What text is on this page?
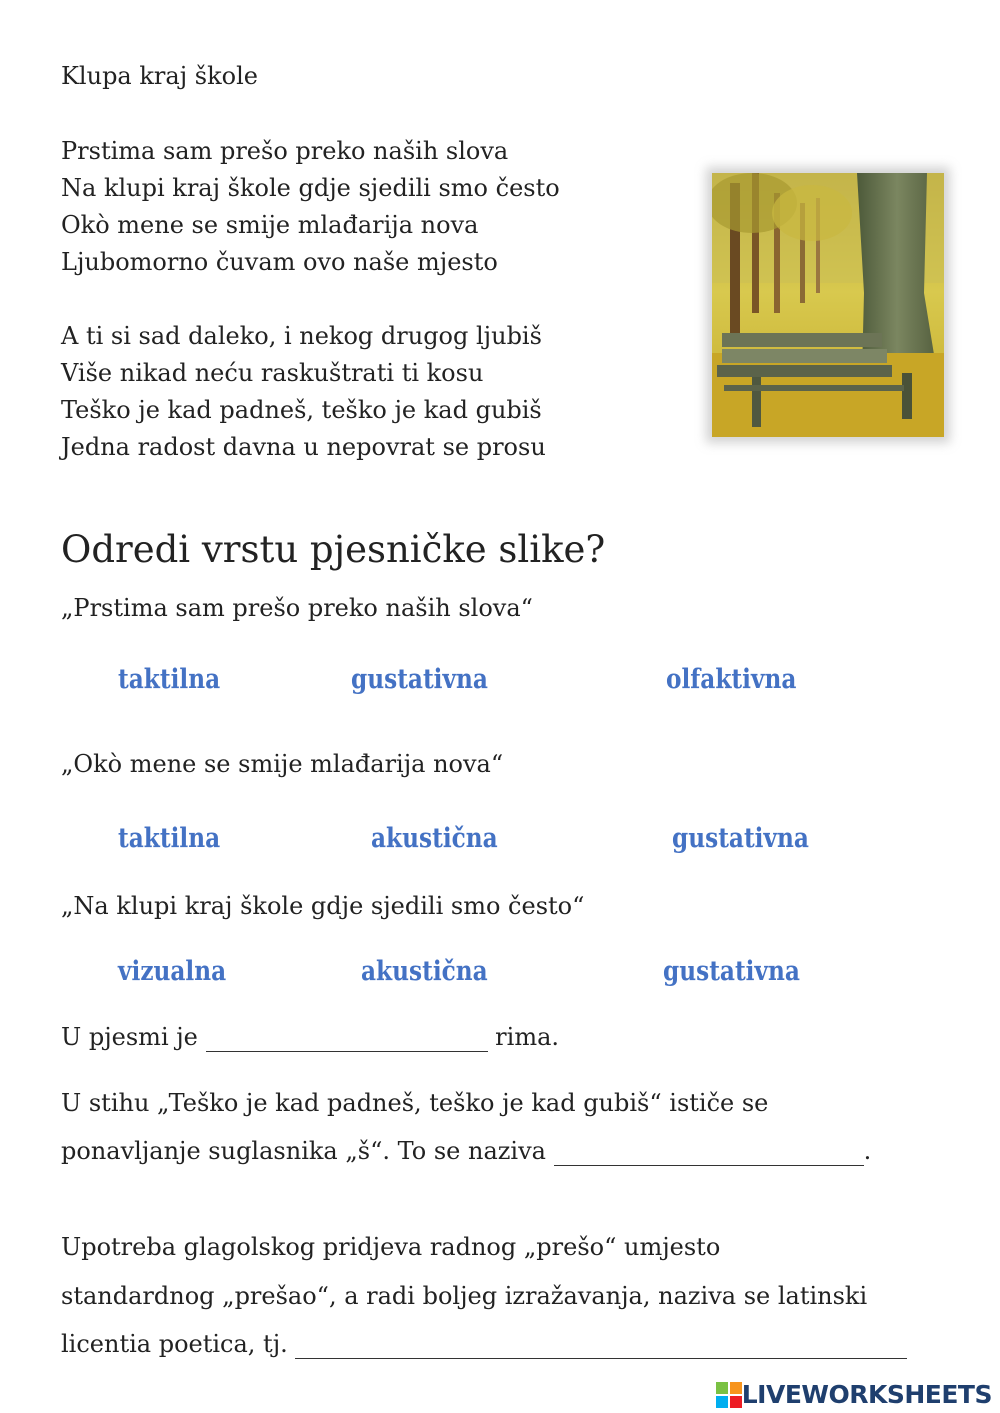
Klupa kraj škole
Prstima sam prešo preko naših slova
Na klupi kraj škole gdje sjedili smo često
Okò mene se smije mlađarija nova
Ljubomorno čuvam ovo naše mjesto
A ti si sad daleko, i nekog drugog ljubiš
Više nikad neću raskuštrati ti kosu
Teško je kad padneš, teško je kad gubiš
Jedna radost davna u nepovrat se prosu
Odredi vrstu pjesničke slike?
„Prstima sam prešo preko naših slova“
taktilna	gustativna	olfaktivna
„Okò mene se smije mlađarija nova“
taktilna	akustična	gustativna
„Na klupi kraj škole gdje sjedili smo često“
vizualna	akustična	gustativna
U pjesmi je	rima.
U stihu „Teško je kad padneš, teško je kad gubiš“ ističe se
ponavljanje suglasnika „š“. To se naziva	.
Upotreba glagolskog pridjeva radnog „prešo“ umjesto
standardnog „prešao“, a radi boljeg izražavanja, naziva se latinski
licentia poetica, tj.
LIVEWORKSHEETS
